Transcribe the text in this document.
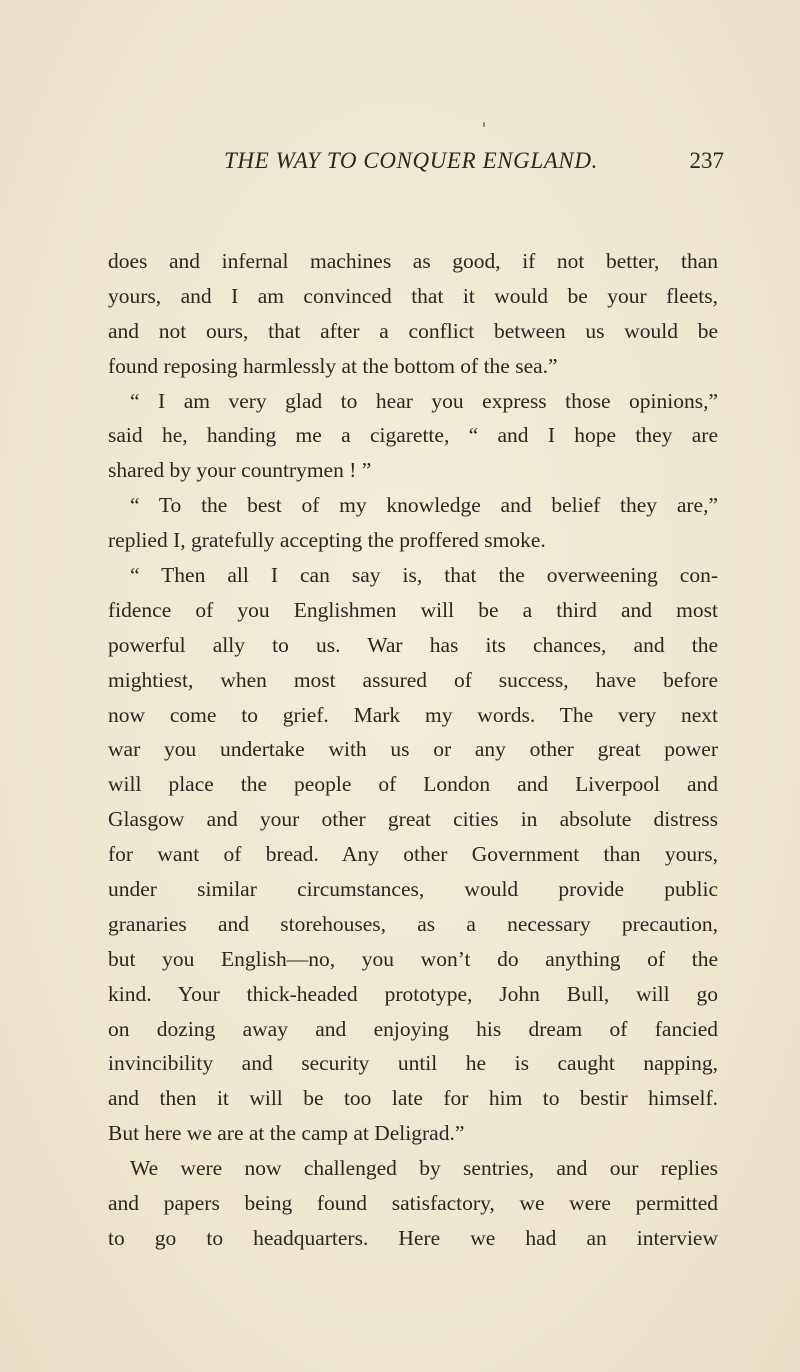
THE WAY TO CONQUER ENGLAND.	237
does and infernal machines as good, if not better, than
yours, and I am convinced that it would be your fleets,
and not ours, that after a conflict between us would be
found reposing harmlessly at the bottom of the sea.”
“ I am very glad to hear you express those opinions,”
said he, handing me a cigarette, “ and I hope they are
shared by your countrymen ! ”
“ To the best of my knowledge and belief they are,”
replied I, gratefully accepting the proffered smoke.
“ Then all I can say is, that the overweening con-
fidence of you Englishmen will be a third and most
powerful ally to us. War has its chances, and the
mightiest, when most assured of success, have before
now come to grief. Mark my words. The very next
war you undertake with us or any other great power
will place the people of London and Liverpool and
Glasgow and your other great cities in absolute distress
for want of bread. Any other Government than yours,
under similar circumstances, would provide public
granaries and storehouses, as a necessary precaution,
but you English—no, you won’t do anything of the
kind. Your thick-headed prototype, John Bull, will go
on dozing away and enjoying his dream of fancied
invincibility and security until he is caught napping,
and then it will be too late for him to bestir himself.
But here we are at the camp at Deligrad.”
We were now challenged by sentries, and our replies
and papers being found satisfactory, we were permitted
to go to headquarters. Here we had an interview
